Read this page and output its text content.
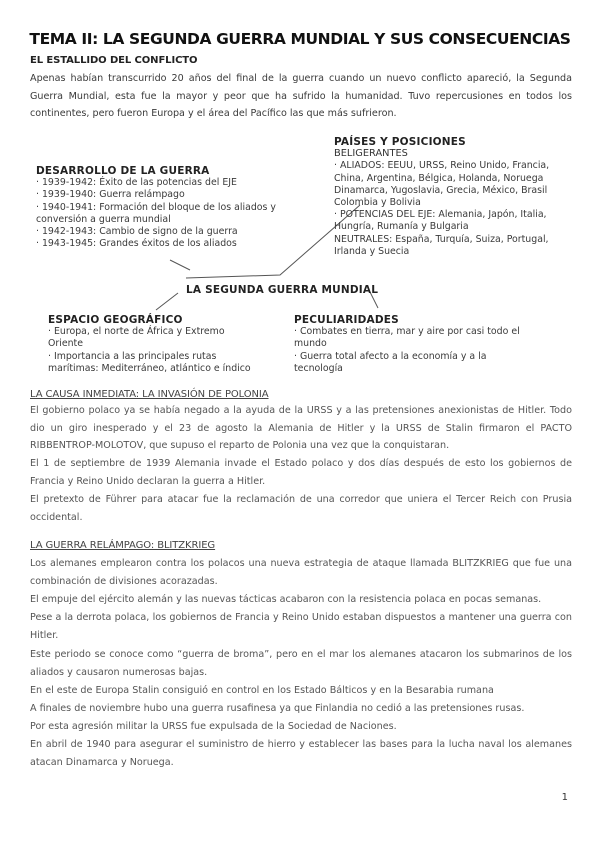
TEMA II: LA SEGUNDA GUERRA MUNDIAL Y SUS CONSECUENCIAS
EL ESTALLIDO DEL CONFLICTO
Apenas habían transcurrido 20 años del final de la guerra cuando un nuevo conflicto apareció, la Segunda Guerra Mundial, esta fue la mayor y peor que ha sufrido la humanidad. Tuvo repercusiones en todos los continentes, pero fueron Europa y el área del Pacífico las que más sufrieron.
DESARROLLO DE LA GUERRA
· 1939-1942: Éxito de las potencias del EJE
· 1939-1940: Guerra relámpago
· 1940-1941: Formación del bloque de los aliados y conversión a guerra mundial
· 1942-1943: Cambio de signo de la guerra
· 1943-1945: Grandes éxitos de los aliados
PAÍSES Y POSICIONES
BELIGERANTES
· ALIADOS: EEUU, URSS, Reino Unido, Francia,
China, Argentina, Bélgica, Holanda, Noruega
Dinamarca, Yugoslavia, Grecia, México, Brasil
Colombia y Bolivia
· POTENCIAS DEL EJE: Alemania, Japón, Italia,
Hungría, Rumanía y Bulgaria
NEUTRALES: España, Turquía, Suiza, Portugal,
Irlanda y Suecia
LA SEGUNDA GUERRA MUNDIAL
ESPACIO GEOGRÁFICO
· Europa, el norte de África y Extremo
Oriente
· Importancia a las principales rutas
marítimas: Mediterráneo, atlántico e índico
PECULIARIDADES
· Combates en tierra, mar y aire por casi todo el
mundo
· Guerra total afecto a la economía y a la
tecnología
LA CAUSA INMEDIATA: LA INVASIÓN DE POLONIA
El gobierno polaco ya se había negado a la ayuda de la URSS y a las pretensiones anexionistas de Hitler. Todo dio un giro inesperado y el 23 de agosto la Alemania de Hitler y la URSS de Stalin firmaron el PACTO RIBBENTROP-MOLOTOV, que supuso el reparto de Polonia una vez que la conquistaran.
El 1 de septiembre de 1939 Alemania invade el Estado polaco y dos días después de esto los gobiernos de Francia y Reino Unido declaran la guerra a Hitler.
El pretexto de Führer para atacar fue la reclamación de una corredor que uniera el Tercer Reich con Prusia occidental.
LA GUERRA RELÁMPAGO: BLITZKRIEG
Los alemanes emplearon contra los polacos una nueva estrategia de ataque llamada BLITZKRIEG que fue una combinación de divisiones acorazadas.
El empuje del ejército alemán y las nuevas tácticas acabaron con la resistencia polaca en pocas semanas.
Pese a la derrota polaca, los gobiernos de Francia y Reino Unido estaban dispuestos a mantener una guerra con Hitler.
Este periodo se conoce como “guerra de broma”, pero en el mar los alemanes atacaron los submarinos de los aliados y causaron numerosas bajas.
En el este de Europa Stalin consiguió en control en los Estado Bálticos y en la Besarabia rumana
A finales de noviembre hubo una guerra rusafinesa ya que Finlandia no cedió a las pretensiones rusas.
Por esta agresión militar la URSS fue expulsada de la Sociedad de Naciones.
En abril de 1940 para asegurar el suministro de hierro y establecer las bases para la lucha naval los alemanes atacan Dinamarca y Noruega.
1
